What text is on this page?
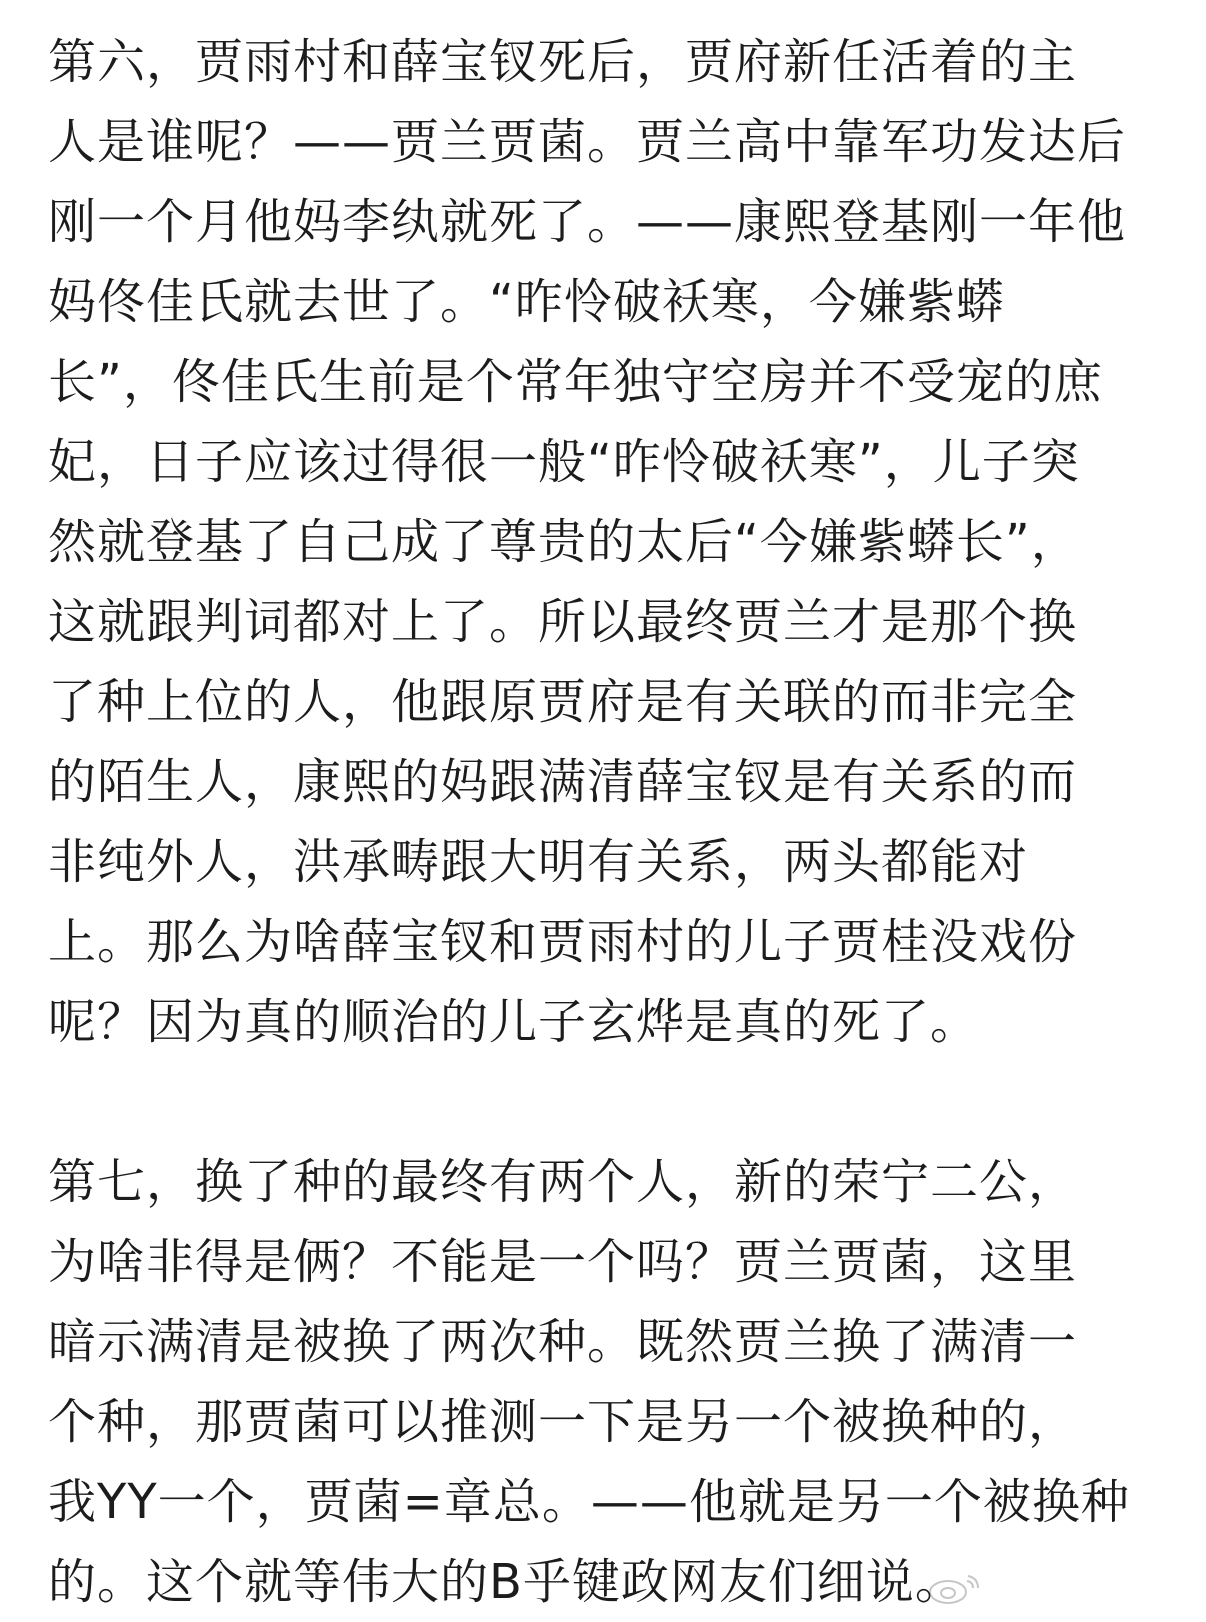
第六，贾雨村和薛宝钗死后，贾府新任活着的主
人是谁呢？——贾兰贾菌。贾兰高中靠军功发达后
刚一个月他妈李纨就死了。——康熙登基刚一年他
妈佟佳氏就去世了。“昨怜破袄寒，今嫌紫蟒
长”，佟佳氏生前是个常年独守空房并不受宠的庶
妃，日子应该过得很一般“昨怜破袄寒”，儿子突
然就登基了自己成了尊贵的太后“今嫌紫蟒长”，
这就跟判词都对上了。所以最终贾兰才是那个换
了种上位的人，他跟原贾府是有关联的而非完全
的陌生人，康熙的妈跟满清薛宝钗是有关系的而
非纯外人，洪承畴跟大明有关系，两头都能对
上。那么为啥薛宝钗和贾雨村的儿子贾桂没戏份
呢？因为真的顺治的儿子玄烨是真的死了。
第七，换了种的最终有两个人，新的荣宁二公，
为啥非得是俩？不能是一个吗？贾兰贾菌，这里
暗示满清是被换了两次种。既然贾兰换了满清一
个种，那贾菌可以推测一下是另一个被换种的，
我YY一个，贾菌=章总。——他就是另一个被换种
的。这个就等伟大的B乎键政网友们细说。
